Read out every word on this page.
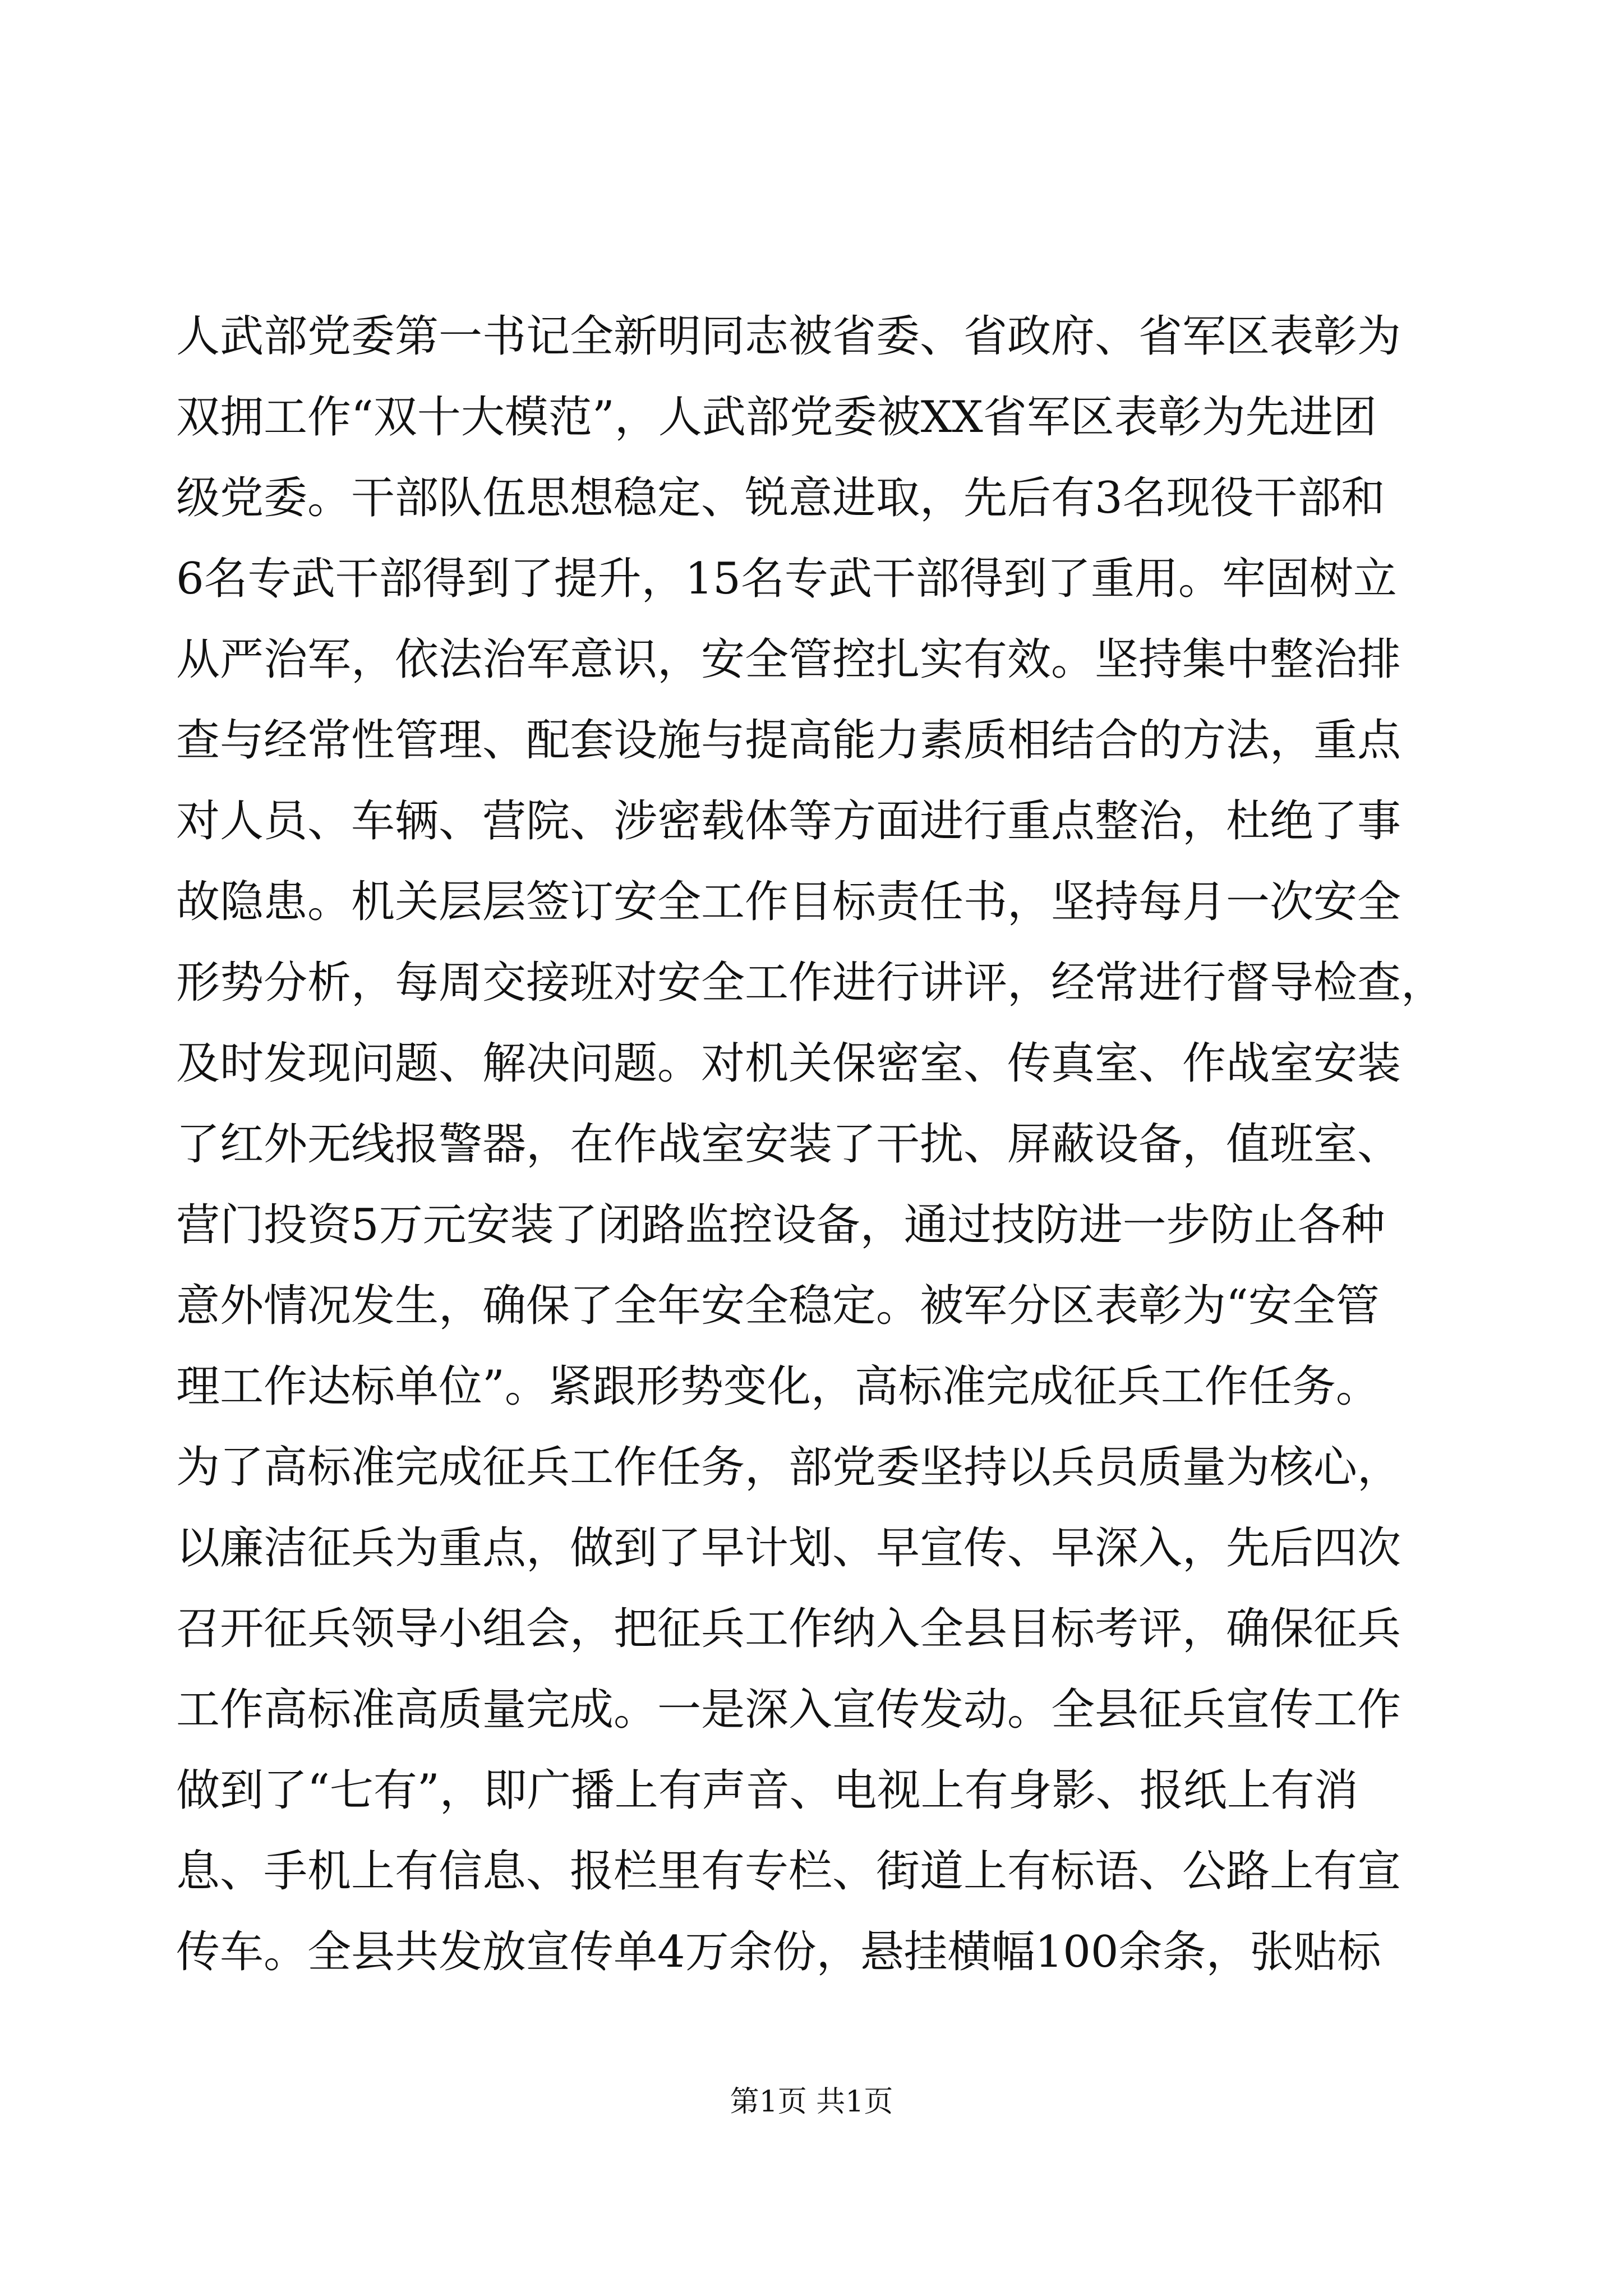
人武部党委第一书记全新明同志被省委、省政府、省军区表彰为
双拥工作“双十大模范”，人武部党委被XX省军区表彰为先进团
级党委。干部队伍思想稳定、锐意进取，先后有3名现役干部和
6名专武干部得到了提升，15名专武干部得到了重用。牢固树立
从严治军，依法治军意识，安全管控扎实有效。坚持集中整治排
查与经常性管理、配套设施与提高能力素质相结合的方法，重点
对人员、车辆、营院、涉密载体等方面进行重点整治，杜绝了事
故隐患。机关层层签订安全工作目标责任书，坚持每月一次安全
形势分析，每周交接班对安全工作进行讲评，经常进行督导检查，
及时发现问题、解决问题。对机关保密室、传真室、作战室安装
了红外无线报警器，在作战室安装了干扰、屏蔽设备，值班室、
营门投资5万元安装了闭路监控设备，通过技防进一步防止各种
意外情况发生，确保了全年安全稳定。被军分区表彰为“安全管
理工作达标单位”。紧跟形势变化，高标准完成征兵工作任务。
为了高标准完成征兵工作任务，部党委坚持以兵员质量为核心，
以廉洁征兵为重点，做到了早计划、早宣传、早深入，先后四次
召开征兵领导小组会，把征兵工作纳入全县目标考评，确保征兵
工作高标准高质量完成。一是深入宣传发动。全县征兵宣传工作
做到了“七有”，即广播上有声音、电视上有身影、报纸上有消
息、手机上有信息、报栏里有专栏、街道上有标语、公路上有宣
传车。全县共发放宣传单4万余份，悬挂横幅100余条，张贴标
第1页 共1页
